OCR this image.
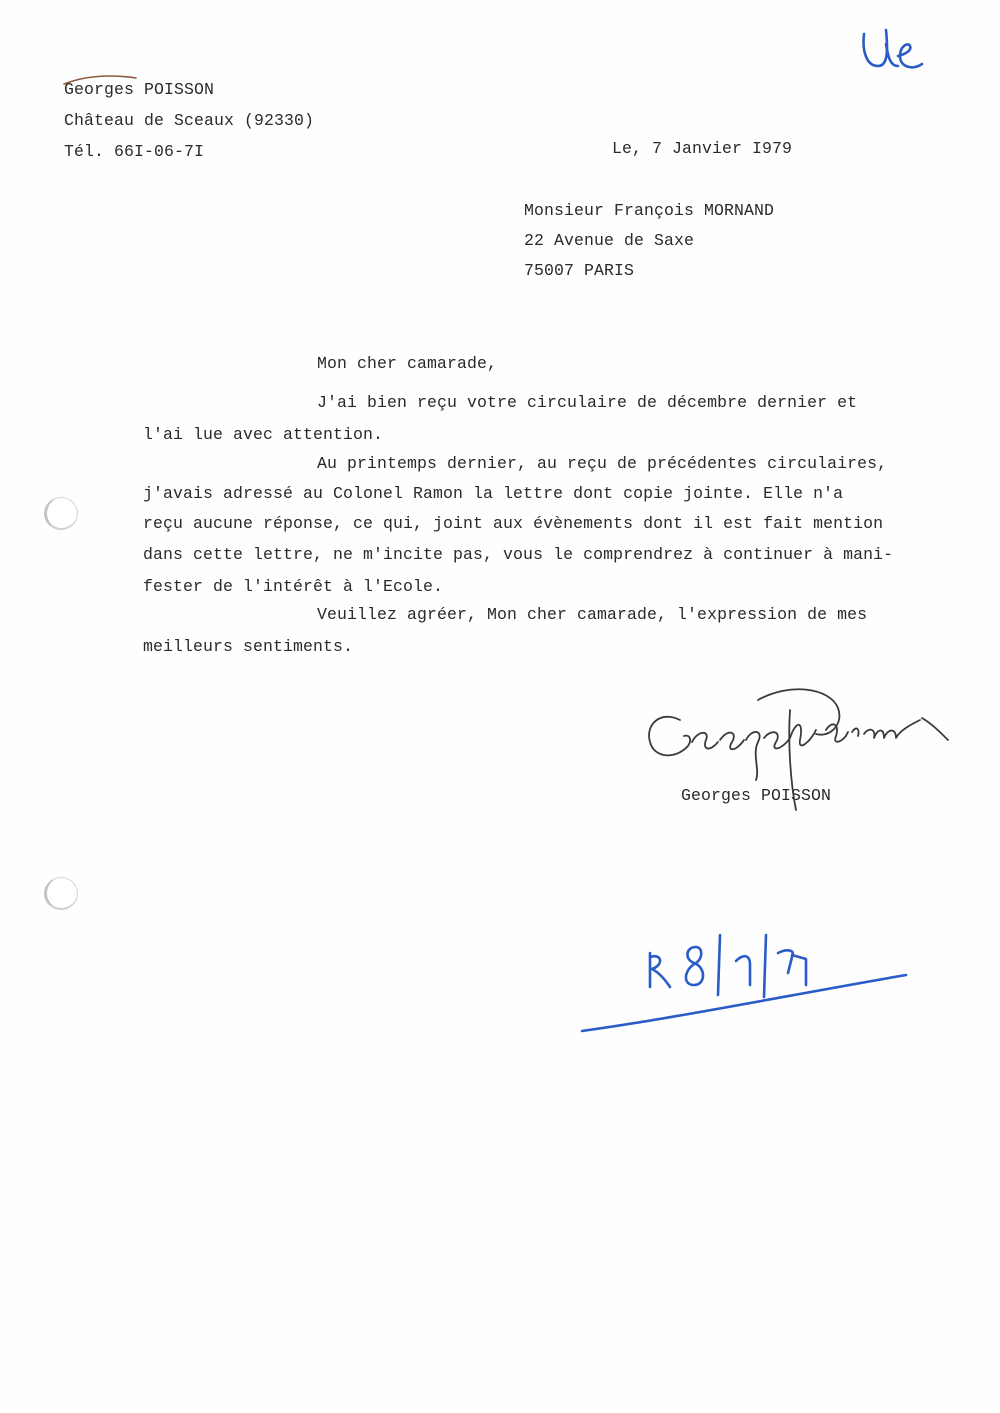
Georges POISSON
Château de Sceaux (92330)
Tél. 66I-06-7I	Le, 7 Janvier I979
Monsieur François MORNAND
22 Avenue de Saxe
75007 PARIS
Mon cher camarade,
J'ai bien reçu votre circulaire de décembre dernier et
l'ai lue avec attention.
Au printemps dernier, au reçu de précédentes circulaires,
j'avais adressé au Colonel Ramon la lettre dont copie jointe. Elle n'a
reçu aucune réponse, ce qui, joint aux évènements dont il est fait mention
dans cette lettre, ne m'incite pas, vous le comprendrez à continuer à mani-
fester de l'intérêt à l'Ecole.
Veuillez agréer, Mon cher camarade, l'expression de mes
meilleurs sentiments.
Georges POISSON
